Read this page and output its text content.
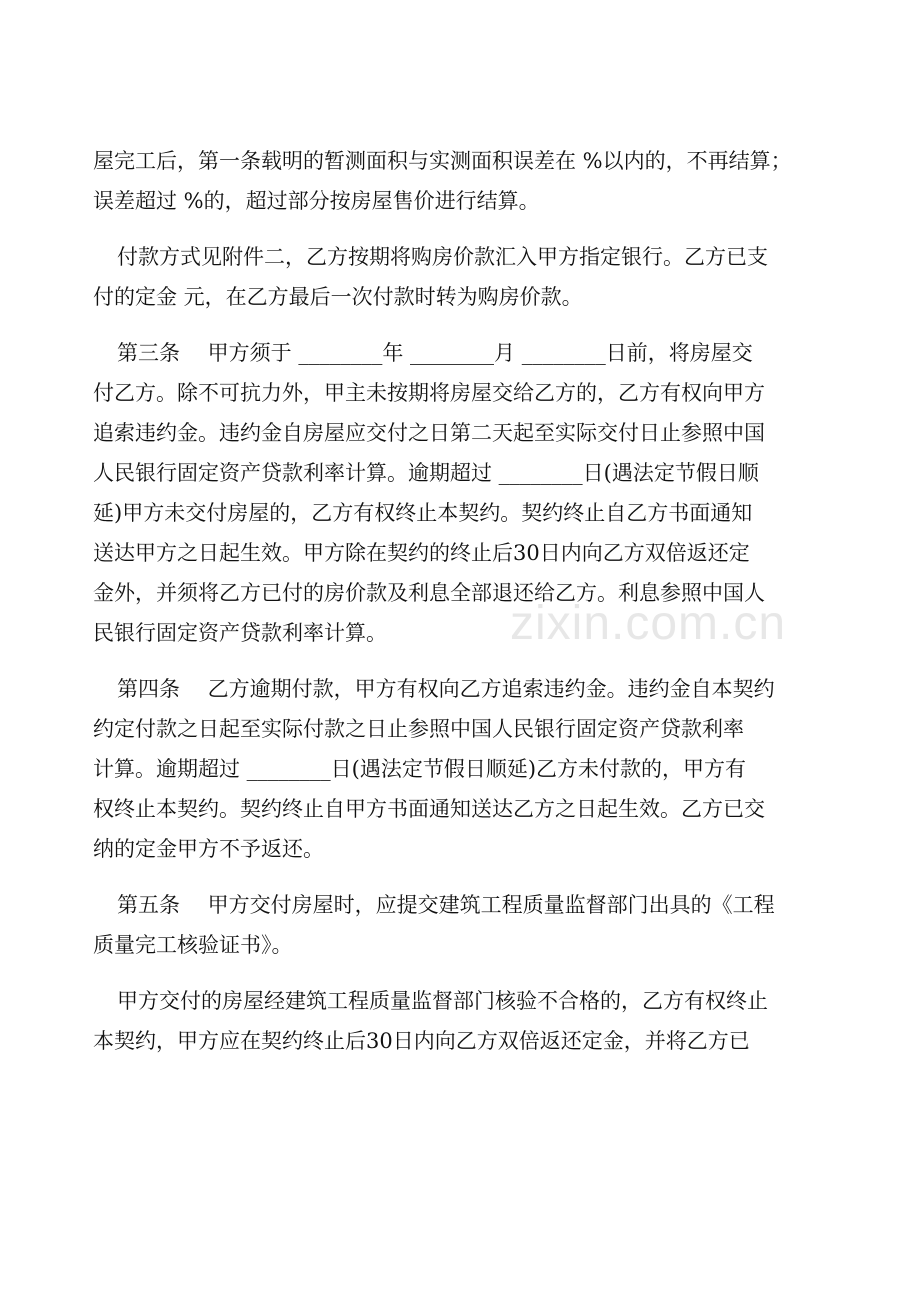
屋完工后，第一条载明的暂测面积与实测面积误差在 %以内的，不再结算；
误差超过 %的，超过部分按房屋售价进行结算。
付款方式见附件二，乙方按期将购房价款汇入甲方指定银行。乙方已支
付的定金 元，在乙方最后一次付款时转为购房价款。
第三条　 甲方须于 ________年 ________月 ________日前，将房屋交
付乙方。除不可抗力外，甲主未按期将房屋交给乙方的，乙方有权向甲方
追索违约金。违约金自房屋应交付之日第二天起至实际交付日止参照中国
人民银行固定资产贷款利率计算。逾期超过 ________日(遇法定节假日顺
延)甲方未交付房屋的，乙方有权终止本契约。契约终止自乙方书面通知
送达甲方之日起生效。甲方除在契约的终止后30日内向乙方双倍返还定
金外，并须将乙方已付的房价款及利息全部退还给乙方。利息参照中国人
民银行固定资产贷款利率计算。
第四条　 乙方逾期付款，甲方有权向乙方追索违约金。违约金自本契约
约定付款之日起至实际付款之日止参照中国人民银行固定资产贷款利率
计算。逾期超过 ________日(遇法定节假日顺延)乙方未付款的，甲方有
权终止本契约。契约终止自甲方书面通知送达乙方之日起生效。乙方已交
纳的定金甲方不予返还。
第五条　 甲方交付房屋时，应提交建筑工程质量监督部门出具的《工程
质量完工核验证书》。
甲方交付的房屋经建筑工程质量监督部门核验不合格的，乙方有权终止
本契约，甲方应在契约终止后30日内向乙方双倍返还定金，并将乙方已
zixin.com.cn
